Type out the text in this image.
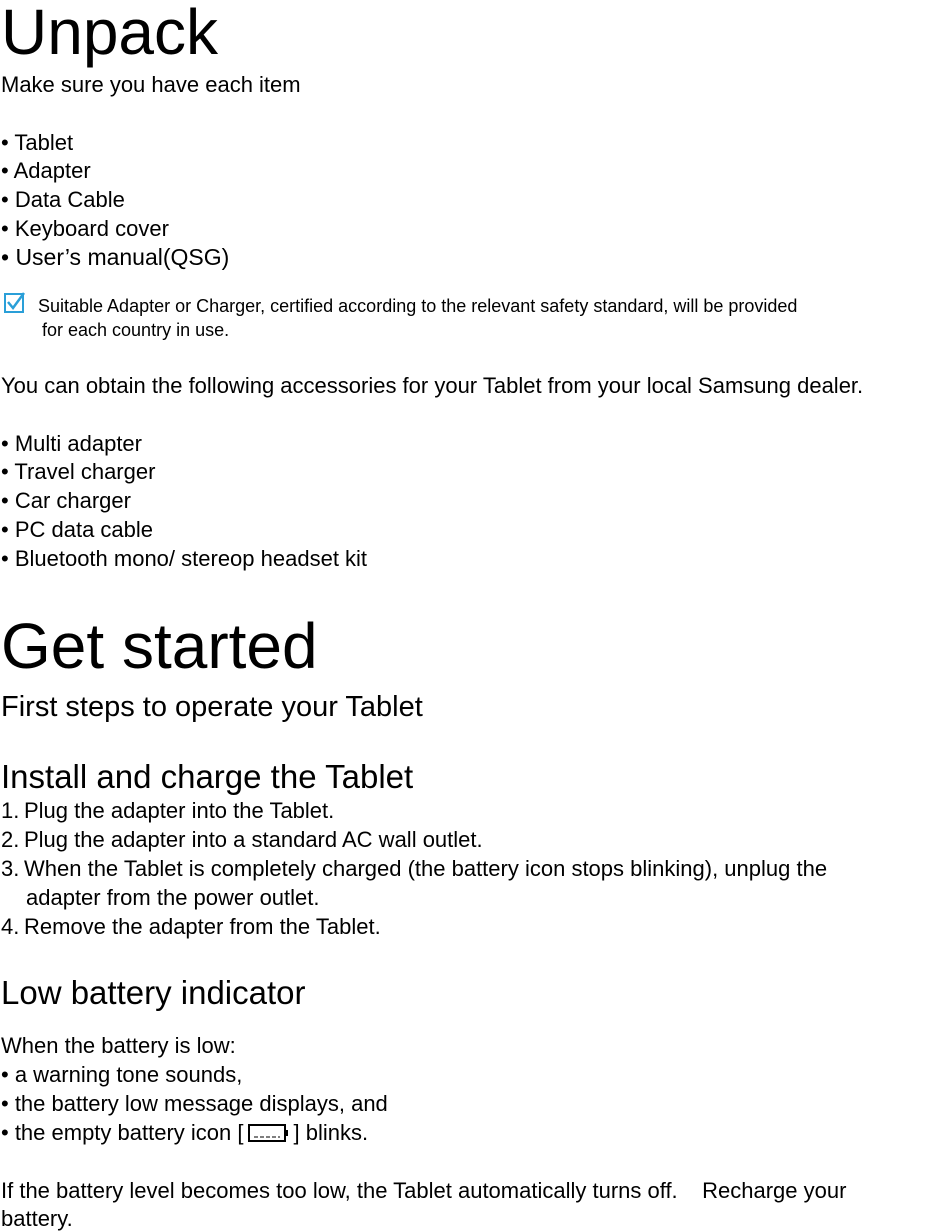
Unpack
Make sure you have each item
• Tablet
• Adapter
• Data Cable
• Keyboard cover
• User’s manual(QSG)
Suitable Adapter or Charger, certified according to the relevant safety standard, will be provided
for each country in use.
You can obtain the following accessories for your Tablet from your local Samsung dealer.
• Multi adapter
• Travel charger
• Car charger
• PC data cable
• Bluetooth mono/ stereop headset kit
Get started
First steps to operate your Tablet
Install and charge the Tablet
1. Plug the adapter into the Tablet.
2. Plug the adapter into a standard AC wall outlet.
3. When the Tablet is completely charged (the battery icon stops blinking), unplug the
adapter from the power outlet.
4. Remove the adapter from the Tablet.
Low battery indicator
When the battery is low:
• a warning tone sounds,
• the battery low message displays, and
• the empty battery icon [ ] blinks.
If the battery level becomes too low, the Tablet automatically turns off.    Recharge your
battery.
